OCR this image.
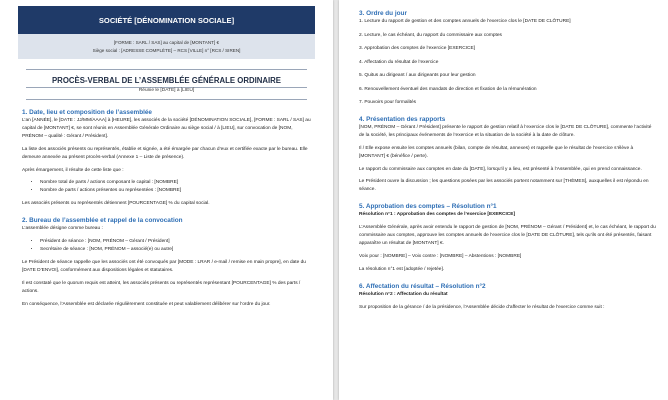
SOCIÉTÉ [DÉNOMINATION SOCIALE]
[FORME : SARL / SAS] au capital de [MONTANT] €
Siège social : [ADRESSE COMPLÈTE] – RCS [VILLE] n° [RCS / SIREN]
PROCÈS-VERBAL DE L’ASSEMBLÉE GÉNÉRALE ORDINAIRE
Réunie le [DATE] à [LIEU]
1. Date, lieu et composition de l’assemblée

L’an [ANNÉE], le [DATE : JJ/MM/AAAA] à [HEURE], les associés de la société [DÉNOMINATION SOCIALE], [FORME : SARL / SAS] au capital de [MONTANT] €, se sont réunis en Assemblée Générale Ordinaire au siège social / à [LIEU], sur convocation de [NOM, PRÉNOM – qualité : Gérant / Président].

La liste des associés présents ou représentés, établie et signée, a été émargée par chacun d’eux et certifiée exacte par le bureau. Elle demeure annexée au présent procès-verbal (Annexe 1 – Liste de présence).

Après émargement, il résulte de cette liste que :

• Nombre total de parts / actions composant le capital : [NOMBRE]
• Nombre de parts / actions présentes ou représentées : [NOMBRE]

Les associés présents ou représentés détiennent [POURCENTAGE] % du capital social.

2. Bureau de l’assemblée et rappel de la convocation

L’assemblée désigne comme bureau :

• Président de séance : [NOM, PRÉNOM – Gérant / Président]
• Secrétaire de séance : [NOM, PRÉNOM – associé(e) ou autre]

Le Président de séance rappelle que les associés ont été convoqués par [MODE : LRAR / e-mail / remise en main propre], en date du [DATE D’ENVOI], conformément aux dispositions légales et statutaires.

Il est constaté que le quorum requis est atteint, les associés présents ou représentés représentant [POURCENTAGE] % des parts / actions.

En conséquence, l’Assemblée est déclarée régulièrement constituée et peut valablement délibérer sur l’ordre du jour.

3. Ordre du jour
1. Lecture du rapport de gestion et des comptes annuels de l’exercice clos le [DATE DE CLÔTURE]
2. Lecture, le cas échéant, du rapport du commissaire aux comptes
3. Approbation des comptes de l’exercice [EXERCICE]
4. Affectation du résultat de l’exercice
5. Quitus au dirigeant / aux dirigeants pour leur gestion
6. Renouvellement éventuel des mandats de direction et fixation de la rémunération
7. Pouvoirs pour formalités
4. Présentation des rapports

[NOM, PRÉNOM – Gérant / Président] présente le rapport de gestion relatif à l’exercice clos le [DATE DE CLÔTURE], commente l’activité de la société, les principaux événements de l’exercice et la situation de la société à la date de clôture.

Il / Elle expose ensuite les comptes annuels (bilan, compte de résultat, annexes) et rappelle que le résultat de l’exercice s’élève à [MONTANT] € (bénéfice / perte).

Le rapport du commissaire aux comptes en date du [DATE], lorsqu’il y a lieu, est présenté à l’Assemblée, qui en prend connaissance.

Le Président ouvre la discussion ; les questions posées par les associés portent notamment sur [THÈMES], auxquelles il est répondu en séance.

5. Approbation des comptes – Résolution n°1

Résolution n°1 : Approbation des comptes de l’exercice [EXERCICE]

L’Assemblée Générale, après avoir entendu le rapport de gestion de [NOM, PRÉNOM – Gérant / Président] et, le cas échéant, le rapport du commissaire aux comptes, approuve les comptes annuels de l’exercice clos le [DATE DE CLÔTURE], tels qu’ils ont été présentés, faisant apparaître un résultat de [MONTANT] €.

Voix pour : [NOMBRE] – Voix contre : [NOMBRE] – Abstentions : [NOMBRE]

La résolution n°1 est [adoptée / rejetée].

6. Affectation du résultat – Résolution n°2

Résolution n°2 : Affectation du résultat

Sur proposition de la gérance / de la présidence, l’Assemblée décide d’affecter le résultat de l’exercice comme suit :
